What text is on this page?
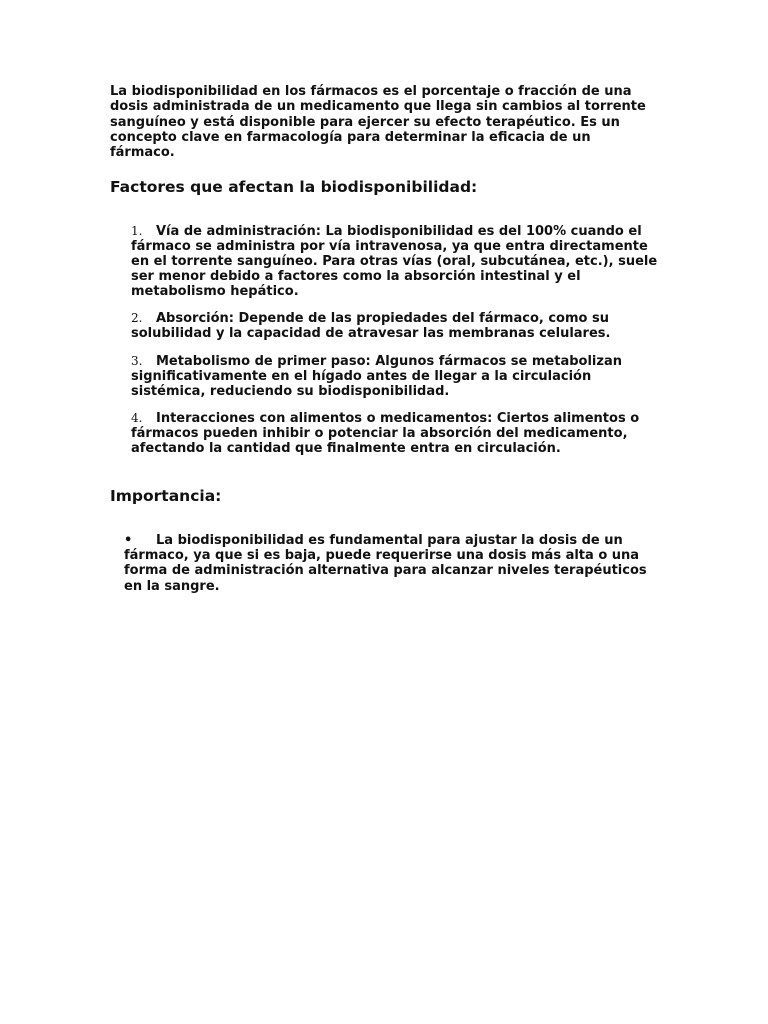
La biodisponibilidad en los fármacos es el porcentaje o fracción de una dosis administrada de un medicamento que llega sin cambios al torrente sanguíneo y está disponible para ejercer su efecto terapéutico. Es un concepto clave en farmacología para determinar la eficacia de un fármaco.

Factores que afectan la biodisponibilidad:
1. Vía de administración: La biodisponibilidad es del 100% cuando el fármaco se administra por vía intravenosa, ya que entra directamente en el torrente sanguíneo. Para otras vías (oral, subcutánea, etc.), suele ser menor debido a factores como la absorción intestinal y el metabolismo hepático.
2. Absorción: Depende de las propiedades del fármaco, como su solubilidad y la capacidad de atravesar las membranas celulares.
3. Metabolismo de primer paso: Algunos fármacos se metabolizan significativamente en el hígado antes de llegar a la circulación sistémica, reduciendo su biodisponibilidad.
4. Interacciones con alimentos o medicamentos: Ciertos alimentos o fármacos pueden inhibir o potenciar la absorción del medicamento, afectando la cantidad que finalmente entra en circulación.
Importancia:
• La biodisponibilidad es fundamental para ajustar la dosis de un fármaco, ya que si es baja, puede requerirse una dosis más alta o una forma de administración alternativa para alcanzar niveles terapéuticos en la sangre.
